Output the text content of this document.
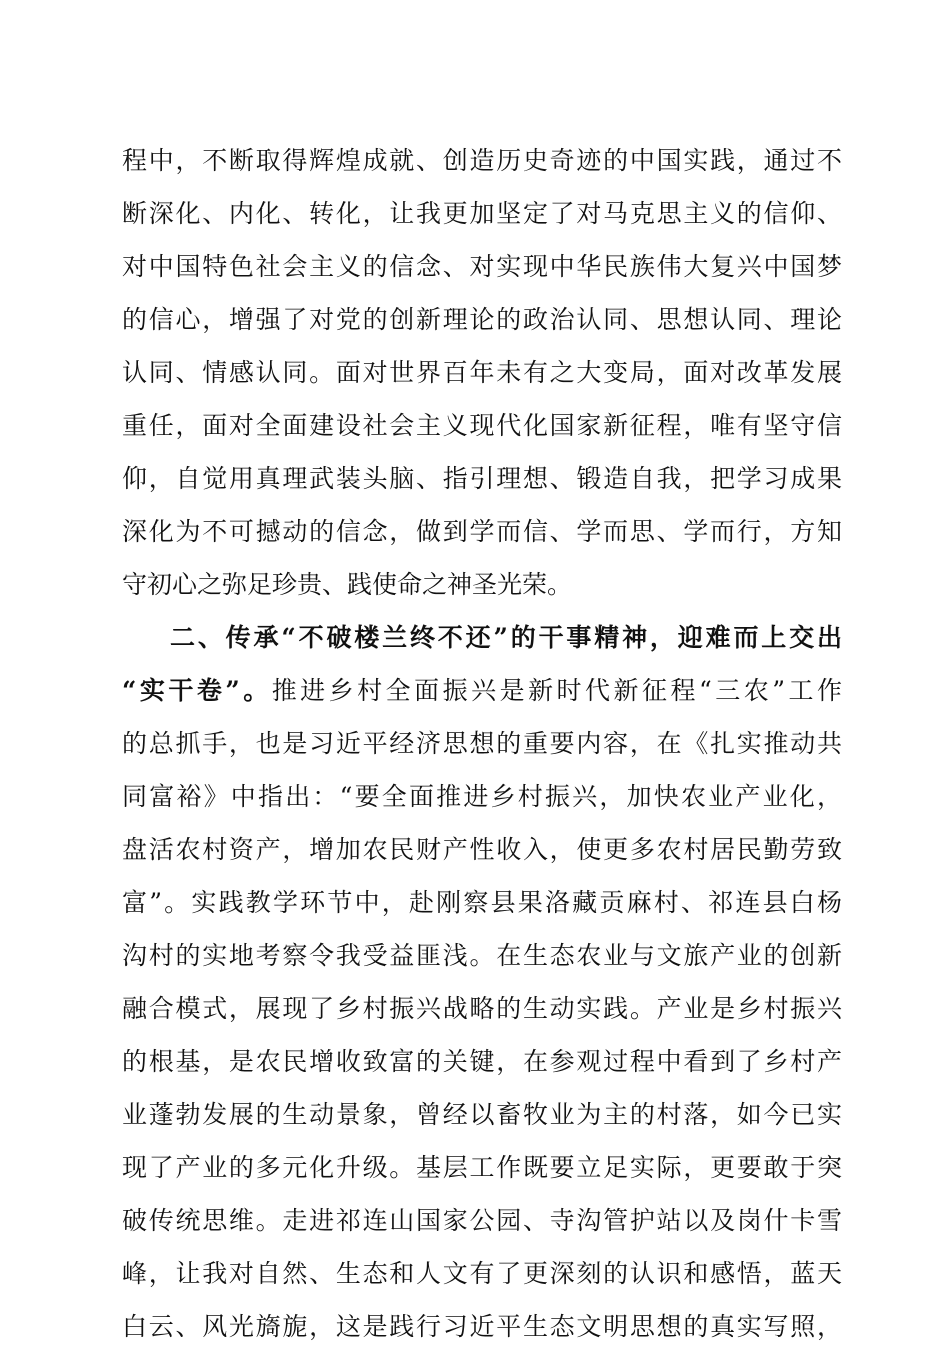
程中，不断取得辉煌成就、创造历史奇迹的中国实践，通过不
断深化、内化、转化，让我更加坚定了对马克思主义的信仰、
对中国特色社会主义的信念、对实现中华民族伟大复兴中国梦
的信心，增强了对党的创新理论的政治认同、思想认同、理论
认同、情感认同。面对世界百年未有之大变局，面对改革发展
重任，面对全面建设社会主义现代化国家新征程，唯有坚守信
仰，自觉用真理武装头脑、指引理想、锻造自我，把学习成果
深化为不可撼动的信念，做到学而信、学而思、学而行，方知
守初心之弥足珍贵、践使命之神圣光荣。
二、传承“不破楼兰终不还”的干事精神，迎难而上交出
“实干卷”。推进乡村全面振兴是新时代新征程“三农”工作
的总抓手，也是习近平经济思想的重要内容，在《扎实推动共
同富裕》中指出：“要全面推进乡村振兴，加快农业产业化，
盘活农村资产，增加农民财产性收入，使更多农村居民勤劳致
富”。实践教学环节中，赴刚察县果洛藏贡麻村、祁连县白杨
沟村的实地考察令我受益匪浅。在生态农业与文旅产业的创新
融合模式，展现了乡村振兴战略的生动实践。产业是乡村振兴
的根基，是农民增收致富的关键，在参观过程中看到了乡村产
业蓬勃发展的生动景象，曾经以畜牧业为主的村落，如今已实
现了产业的多元化升级。基层工作既要立足实际，更要敢于突
破传统思维。走进祁连山国家公园、寺沟管护站以及岗什卡雪
峰，让我对自然、生态和人文有了更深刻的认识和感悟，蓝天
白云、风光旖旎，这是践行习近平生态文明思想的真实写照，
